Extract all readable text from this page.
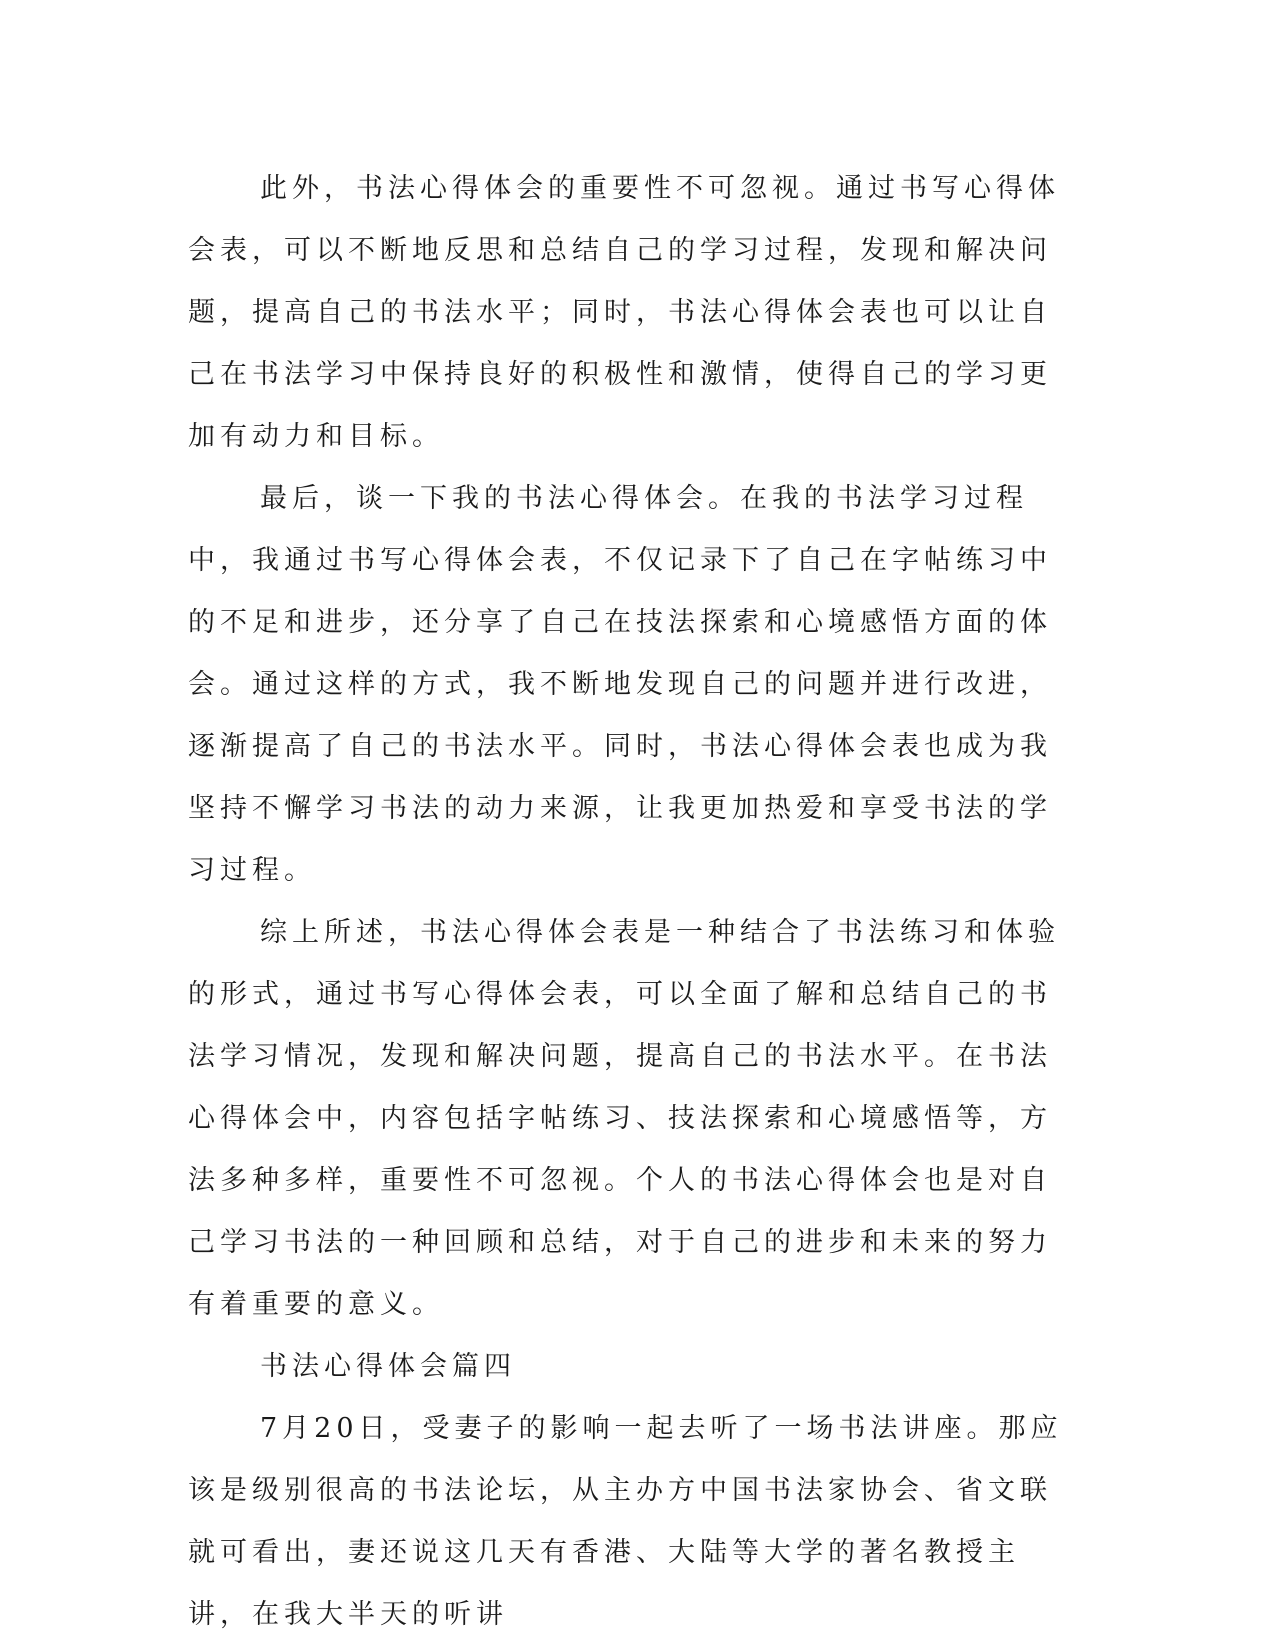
此外，书法心得体会的重要性不可忽视。通过书写心得体会表，可以不断地反思和总结自己的学习过程，发现和解决问题，提高自己的书法水平；同时，书法心得体会表也可以让自己在书法学习中保持良好的积极性和激情，使得自己的学习更加有动力和目标。

最后，谈一下我的书法心得体会。在我的书法学习过程中，我通过书写心得体会表，不仅记录下了自己在字帖练习中的不足和进步，还分享了自己在技法探索和心境感悟方面的体会。通过这样的方式，我不断地发现自己的问题并进行改进，逐渐提高了自己的书法水平。同时，书法心得体会表也成为我坚持不懈学习书法的动力来源，让我更加热爱和享受书法的学习过程。

综上所述，书法心得体会表是一种结合了书法练习和体验的形式，通过书写心得体会表，可以全面了解和总结自己的书法学习情况，发现和解决问题，提高自己的书法水平。在书法心得体会中，内容包括字帖练习、技法探索和心境感悟等，方法多种多样，重要性不可忽视。个人的书法心得体会也是对自己学习书法的一种回顾和总结，对于自己的进步和未来的努力有着重要的意义。

书法心得体会篇四

7月20日，受妻子的影响一起去听了一场书法讲座。那应该是级别很高的书法论坛，从主办方中国书法家协会、省文联就可看出，妻还说这几天有香港、大陆等大学的著名教授主讲，在我大半天的听讲
